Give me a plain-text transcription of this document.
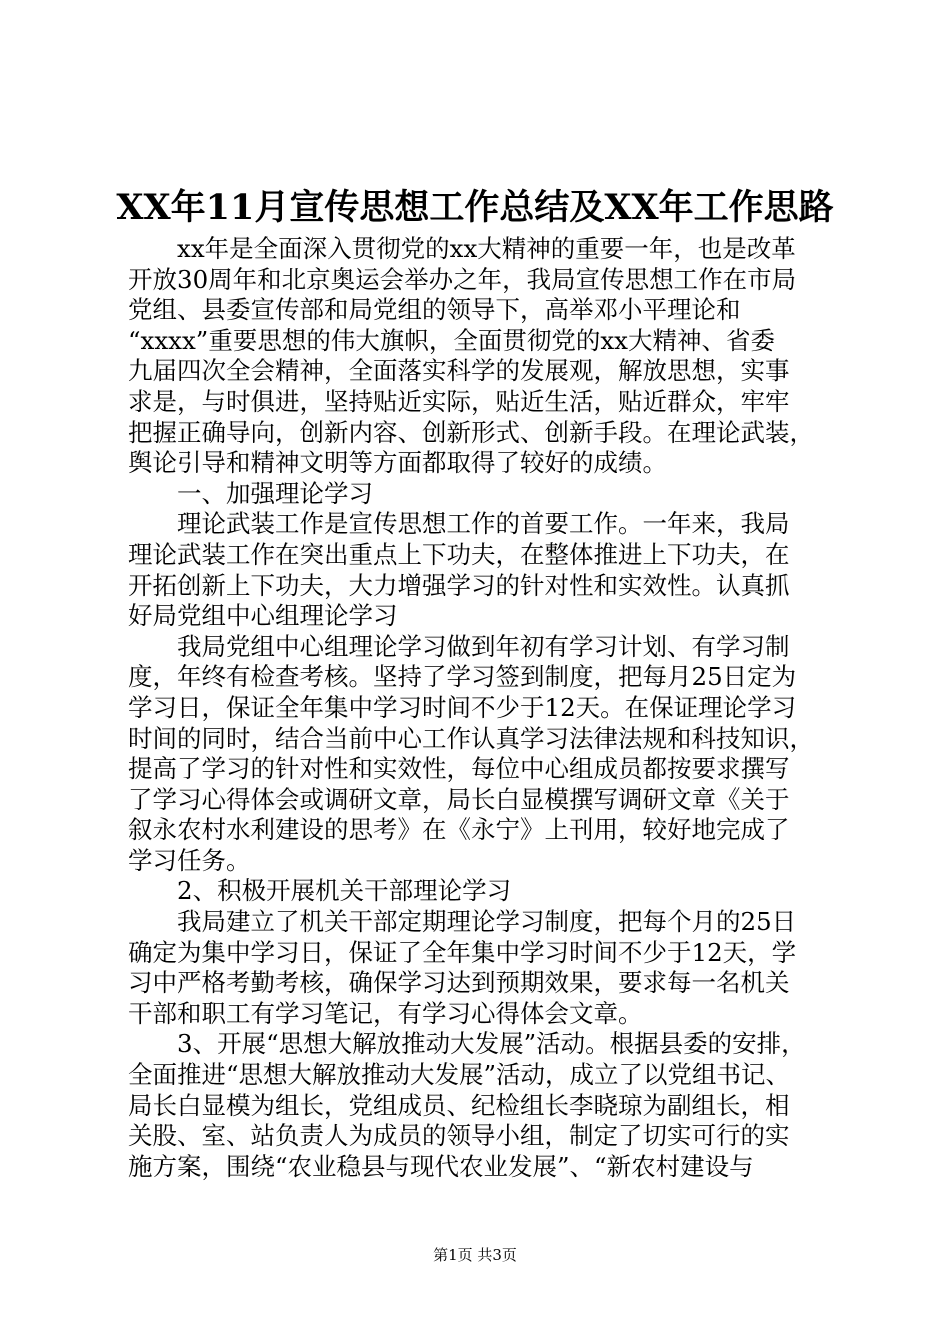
XX年11月宣传思想工作总结及XX年工作思路
xx年是全面深入贯彻党的xx大精神的重要一年，也是改革
开放30周年和北京奥运会举办之年，我局宣传思想工作在市局
党组、县委宣传部和局党组的领导下，高举邓小平理论和
“xxxx”重要思想的伟大旗帜，全面贯彻党的xx大精神、省委
九届四次全会精神，全面落实科学的发展观，解放思想，实事
求是，与时俱进，坚持贴近实际，贴近生活，贴近群众，牢牢
把握正确导向，创新内容、创新形式、创新手段。在理论武装，
舆论引导和精神文明等方面都取得了较好的成绩。
一、加强理论学习
理论武装工作是宣传思想工作的首要工作。一年来，我局
理论武装工作在突出重点上下功夫，在整体推进上下功夫，在
开拓创新上下功夫，大力增强学习的针对性和实效性。认真抓
好局党组中心组理论学习
我局党组中心组理论学习做到年初有学习计划、有学习制
度，年终有检查考核。坚持了学习签到制度，把每月25日定为
学习日，保证全年集中学习时间不少于12天。在保证理论学习
时间的同时，结合当前中心工作认真学习法律法规和科技知识，
提高了学习的针对性和实效性，每位中心组成员都按要求撰写
了学习心得体会或调研文章，局长白显模撰写调研文章《关于
叙永农村水利建设的思考》在《永宁》上刊用，较好地完成了
学习任务。
2、积极开展机关干部理论学习
我局建立了机关干部定期理论学习制度，把每个月的25日
确定为集中学习日，保证了全年集中学习时间不少于12天，学
习中严格考勤考核，确保学习达到预期效果，要求每一名机关
干部和职工有学习笔记，有学习心得体会文章。
3、开展“思想大解放推动大发展”活动。根据县委的安排，
全面推进“思想大解放推动大发展”活动，成立了以党组书记、
局长白显模为组长，党组成员、纪检组长李晓琼为副组长，相
关股、室、站负责人为成员的领导小组，制定了切实可行的实
施方案，围绕“农业稳县与现代农业发展”、“新农村建设与
第1页 共3页
